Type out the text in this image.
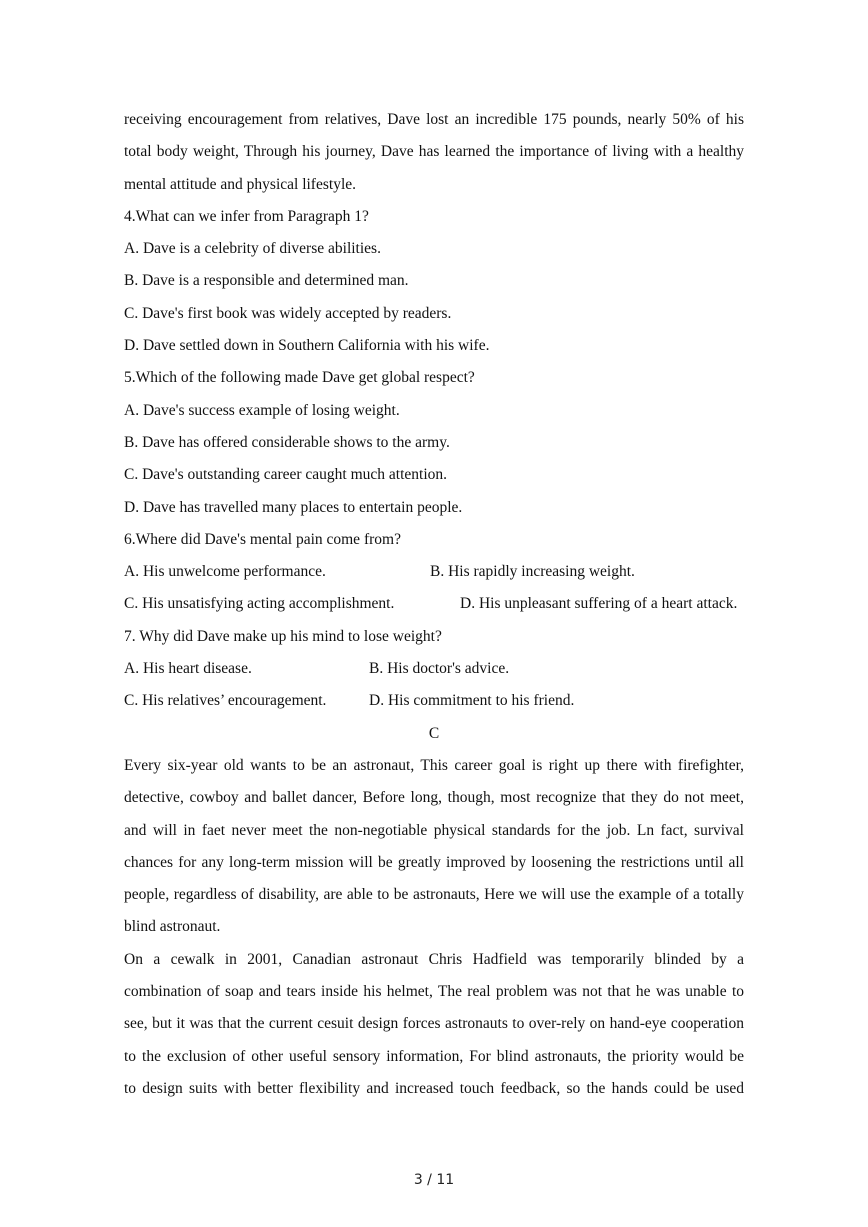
receiving encouragement from relatives, Dave lost an incredible 175 pounds, nearly 50% of his
total body weight, Through his journey, Dave has learned the importance of living with a healthy
mental attitude and physical lifestyle.
4.What can we infer from Paragraph 1?
A. Dave is a celebrity of diverse abilities.
B. Dave is a responsible and determined man.
C. Dave's first book was widely accepted by readers.
D. Dave settled down in Southern California with his wife.
5.Which of the following made Dave get global respect?
A. Dave's success example of losing weight.
B. Dave has offered considerable shows to the army.
C. Dave's outstanding career caught much attention.
D. Dave has travelled many places to entertain people.
6.Where did Dave's mental pain come from?
A. His unwelcome performance.	B. His rapidly increasing weight.
C. His unsatisfying acting accomplishment.	D. His unpleasant suffering of a heart attack.
7. Why did Dave make up his mind to lose weight?
A. His heart disease.	B. His doctor's advice.
C. His relatives’ encouragement.	D. His commitment to his friend.
C
Every six-year old wants to be an astronaut, This career goal is right up there with firefighter,
detective, cowboy and ballet dancer, Before long, though, most recognize that they do not meet,
and will in faet never meet the non-negotiable physical standards for the job. Ln fact, survival
chances for any long-term mission will be greatly improved by loosening the restrictions until all
people, regardless of disability, are able to be astronauts, Here we will use the example of a totally
blind astronaut.
On a cewalk in 2001, Canadian astronaut Chris Hadfield was temporarily blinded by a
combination of soap and tears inside his helmet, The real problem was not that he was unable to
see, but it was that the current cesuit design forces astronauts to over-rely on hand-eye cooperation
to the exclusion of other useful sensory information, For blind astronauts, the priority would be
to design suits with better flexibility and increased touch feedback, so the hands could be used
3 / 11
